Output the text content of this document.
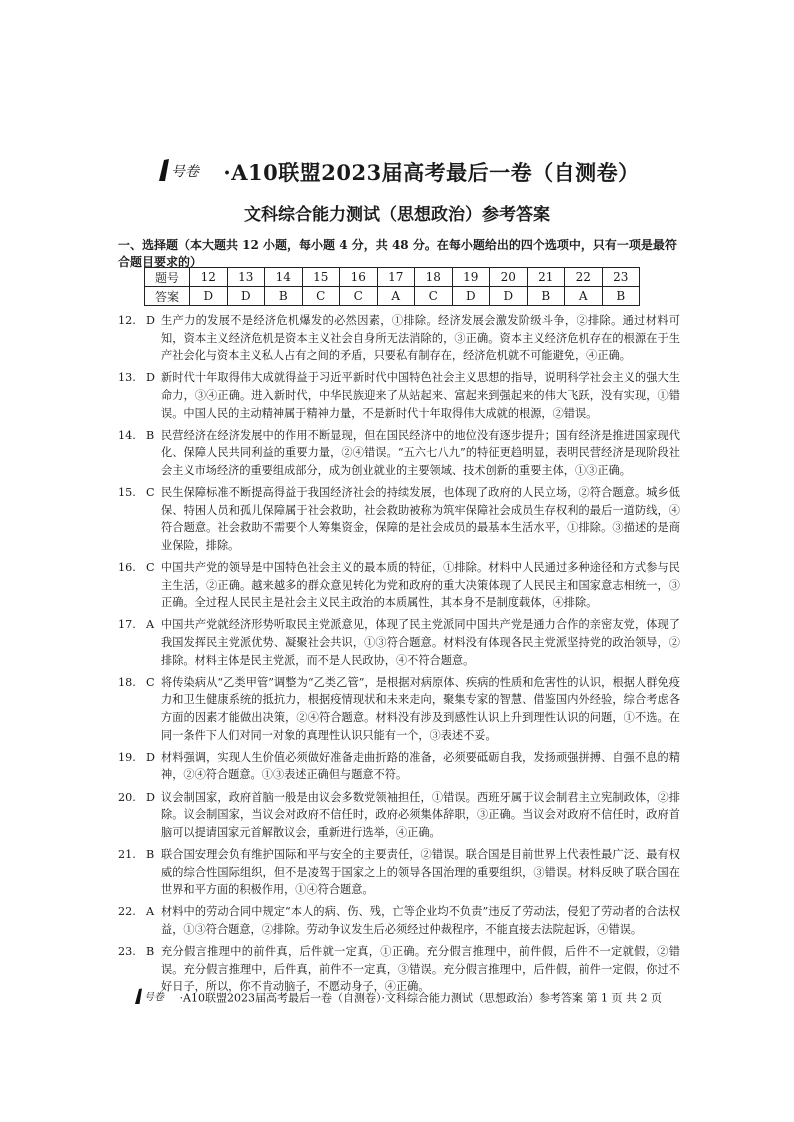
号卷 ·A10联盟2023届高考最后一卷（自测卷）
文科综合能力测试（思想政治）参考答案
一、选择题（本大题共 12 小题，每小题 4 分，共 48 分。在每小题给出的四个选项中，只有一项是最符合题目要求的）
题号	12	13	14	15	16	17	18	19	20	21	22	23
答案	D	D	B	C	C	A	C	D	D	B	A	B
12. D 生产力的发展不是经济危机爆发的必然因素，①排除。经济发展会激发阶级斗争，②排除。通过材料可知，资本主义经济危机是资本主义社会自身所无法消除的，③正确。资本主义经济危机存在的根源在于生产社会化与资本主义私人占有之间的矛盾，只要私有制存在，经济危机就不可能避免，④正确。
13. D 新时代十年取得伟大成就得益于习近平新时代中国特色社会主义思想的指导，说明科学社会主义的强大生命力，③④正确。进入新时代，中华民族迎来了从站起来、富起来到强起来的伟大飞跃，没有实现，①错误。中国人民的主动精神属于精神力量，不是新时代十年取得伟大成就的根源，②错误。
14. B 民营经济在经济发展中的作用不断显现，但在国民经济中的地位没有逐步提升；国有经济是推进国家现代化、保障人民共同利益的重要力量，②④错误。“五六七八九”的特征更趋明显，表明民营经济是现阶段社会主义市场经济的重要组成部分，成为创业就业的主要领域、技术创新的重要主体，①③正确。
15. C 民生保障标准不断提高得益于我国经济社会的持续发展，也体现了政府的人民立场，②符合题意。城乡低保、特困人员和孤儿保障属于社会救助，社会救助被称为筑牢保障社会成员生存权利的最后一道防线，④符合题意。社会救助不需要个人筹集资金，保障的是社会成员的最基本生活水平，①排除。③描述的是商业保险，排除。
16. C 中国共产党的领导是中国特色社会主义的最本质的特征，①排除。材料中人民通过多种途径和方式参与民主生活，②正确。越来越多的群众意见转化为党和政府的重大决策体现了人民民主和国家意志相统一，③正确。全过程人民民主是社会主义民主政治的本质属性，其本身不是制度载体，④排除。
17. A 中国共产党就经济形势听取民主党派意见，体现了民主党派同中国共产党是通力合作的亲密友党，体现了我国发挥民主党派优势、凝聚社会共识，①③符合题意。材料没有体现各民主党派坚持党的政治领导，②排除。材料主体是民主党派，而不是人民政协，④不符合题意。
18. C 将传染病从“乙类甲管”调整为“乙类乙管”，是根据对病原体、疾病的性质和危害性的认识，根据人群免疫力和卫生健康系统的抵抗力，根据疫情现状和未来走向，聚集专家的智慧、借鉴国内外经验，综合考虑各方面的因素才能做出决策，②④符合题意。材料没有涉及到感性认识上升到理性认识的问题，①不选。在同一条件下人们对同一对象的真理性认识只能有一个，③表述不妥。
19. D 材料强调，实现人生价值必须做好准备走曲折路的准备，必须要砥砺自我，发扬顽强拼搏、自强不息的精神，②④符合题意。①③表述正确但与题意不符。
20. D 议会制国家，政府首脑一般是由议会多数党领袖担任，①错误。西班牙属于议会制君主立宪制政体，②排除。议会制国家，当议会对政府不信任时，政府必须集体辞职，③正确。当议会对政府不信任时，政府首脑可以提请国家元首解散议会，重新进行选举，④正确。
21. B 联合国安理会负有维护国际和平与安全的主要责任，②错误。联合国是目前世界上代表性最广泛、最有权威的综合性国际组织，但不是凌驾于国家之上的领导各国治理的重要组织，③错误。材料反映了联合国在世界和平方面的积极作用，①④符合题意。
22. A 材料中的劳动合同中规定“本人的病、伤、残，亡等企业均不负责”违反了劳动法，侵犯了劳动者的合法权益，①③符合题意，②排除。劳动争议发生后必须经过仲裁程序，不能直接去法院起诉，④错误。
23. B 充分假言推理中的前件真，后件就一定真，①正确。充分假言推理中，前件假，后件不一定就假，②错误。充分假言推理中，后件真，前件不一定真，③错误。充分假言推理中，后件假，前件一定假，你过不好日子，所以，你不肯动脑子，不愿动身子，④正确。
号卷 ·A10联盟2023届高考最后一卷（自测卷）·文科综合能力测试（思想政治）参考答案 第 1 页 共 2 页
